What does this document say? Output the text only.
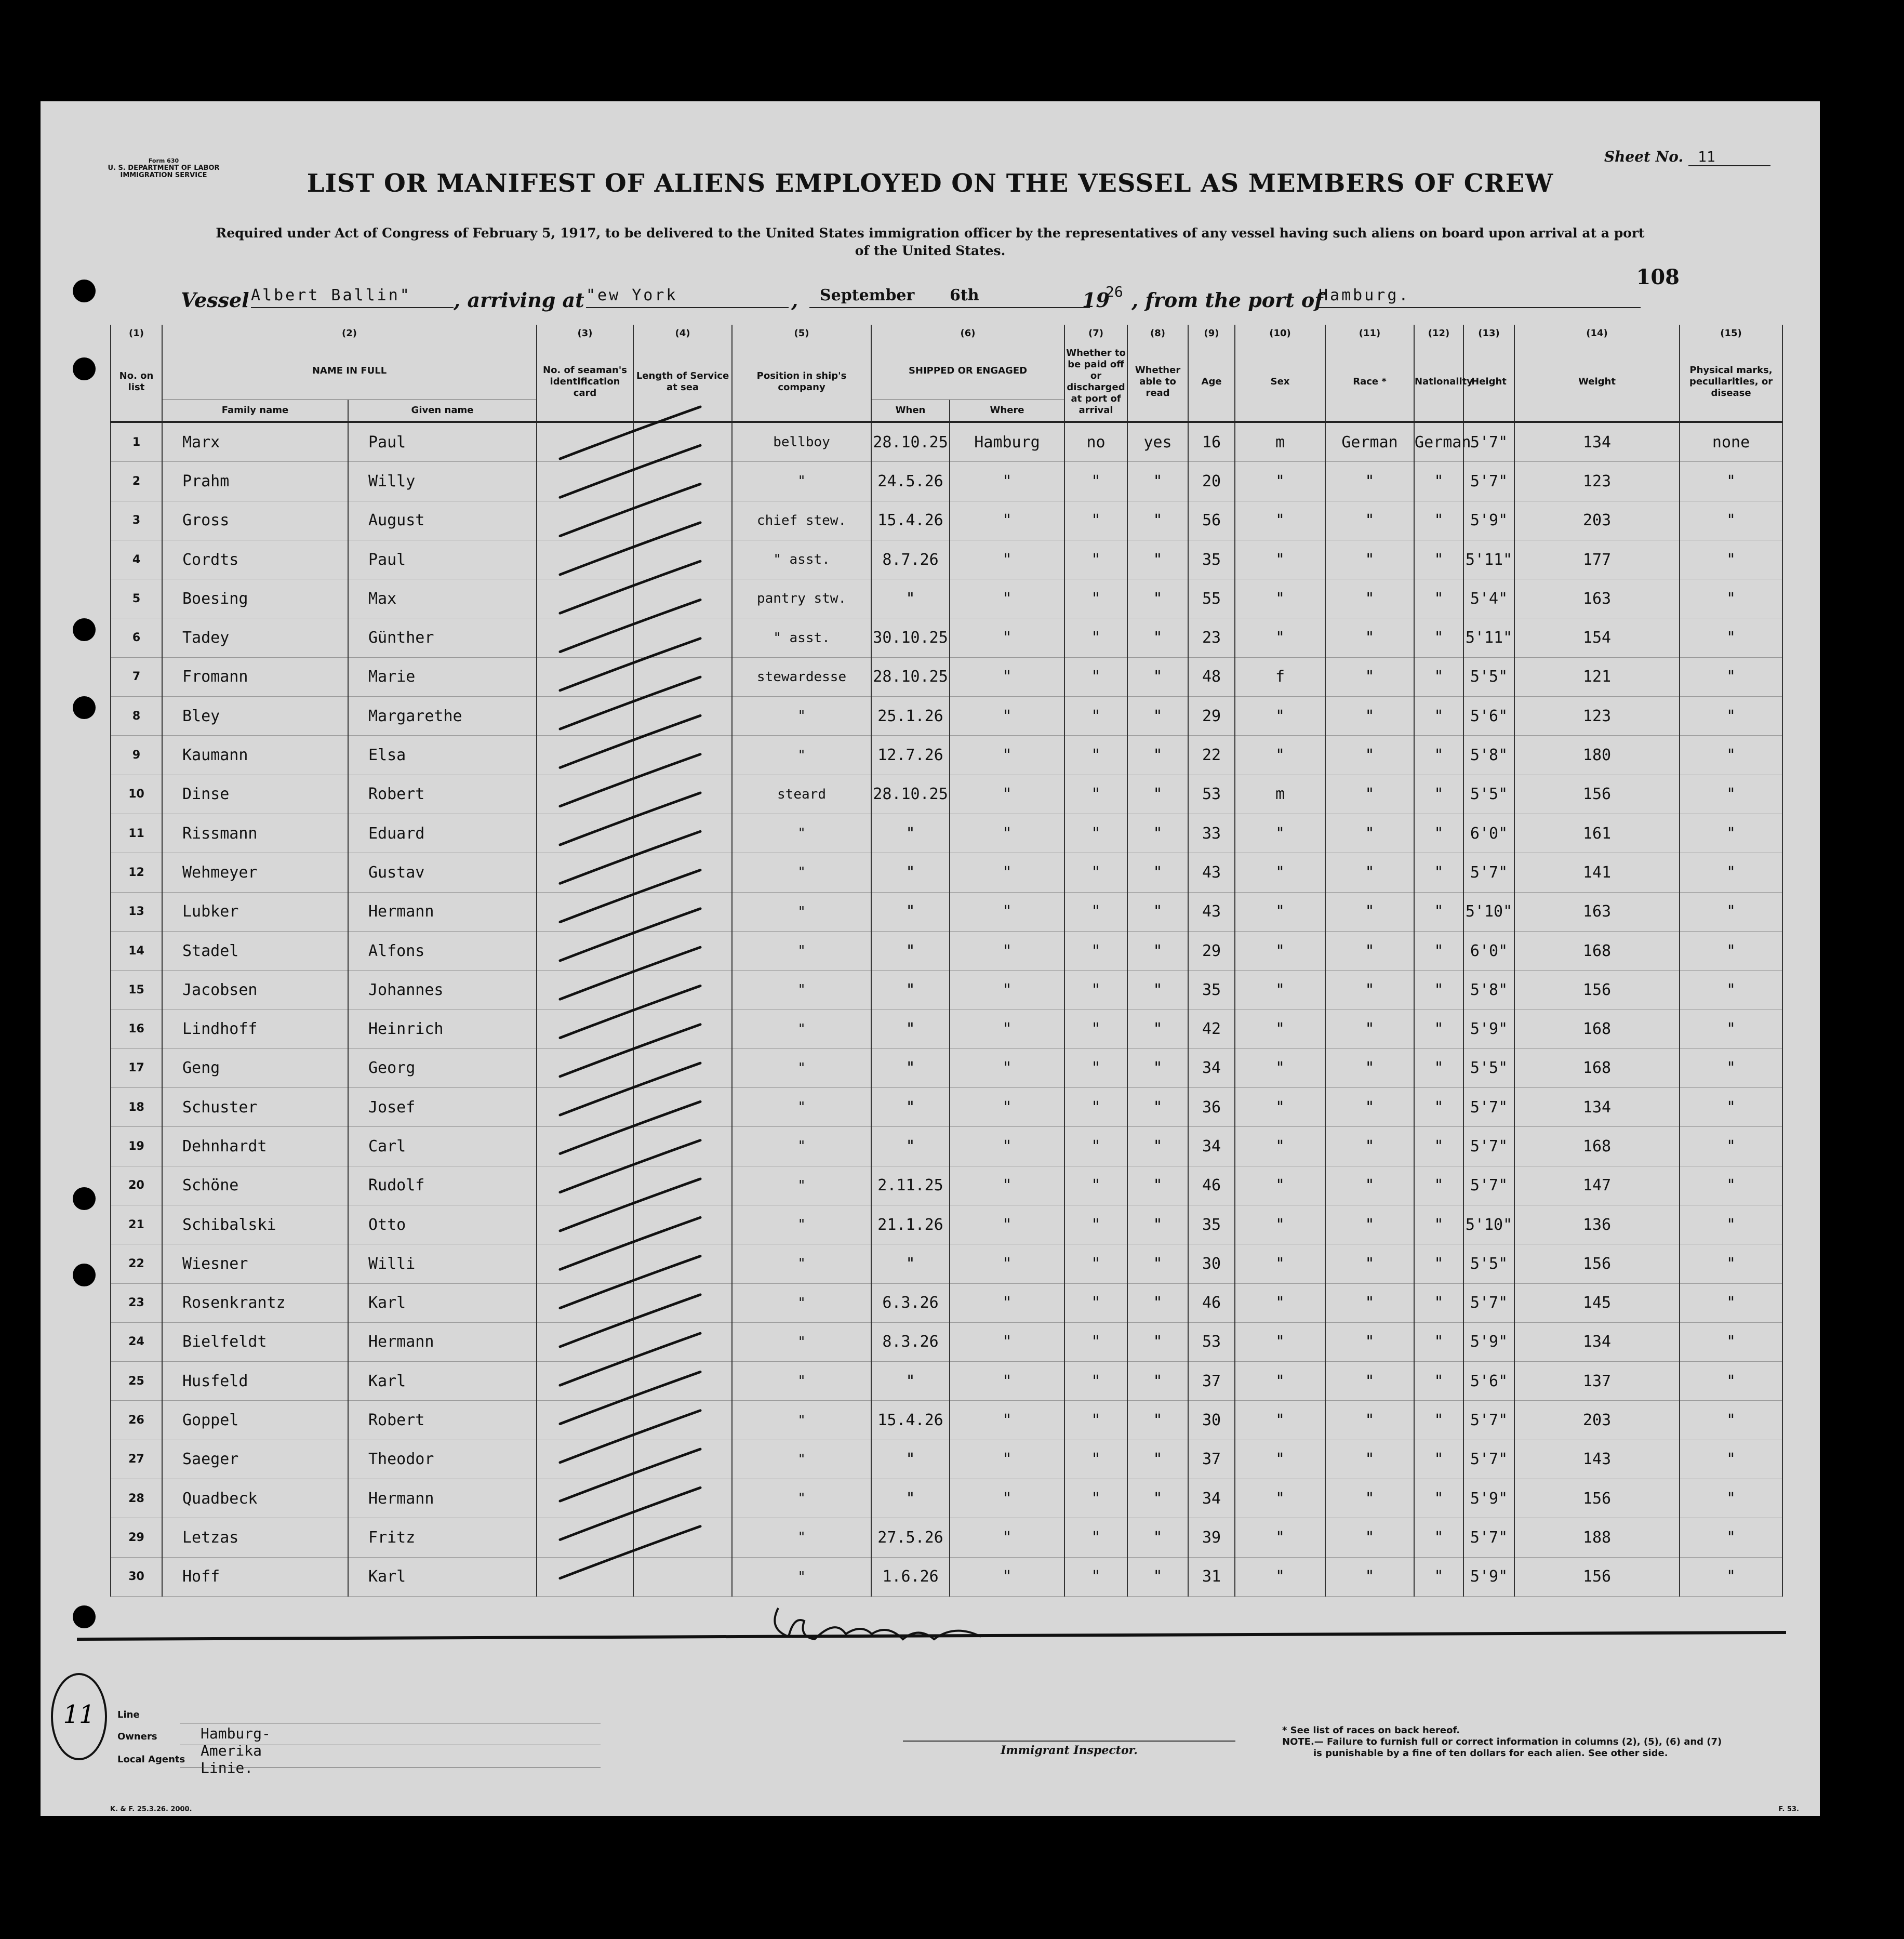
Form 630
U. S. DEPARTMENT OF LABOR
IMMIGRATION SERVICE
Sheet No. 11
LIST OR MANIFEST OF ALIENS EMPLOYED ON THE VESSEL AS MEMBERS OF CREW
Required under Act of Congress of February 5, 1917, to be delivered to the United States immigration officer by the representatives of any vessel having such aliens on board upon arrival at a port of the United States.
108
Vessel Albert Ballin"	, arriving at "ew York	,	September	6th	19
26 , from the port of
Hamburg.
(1)	(2)		(3)	(4)	(5)	(6)		(7)	(8)	(9)	(10)	(11)	(12)	(13)	(14)	(15)
No. on list	NAME IN FULL		No. of seaman's identification card	Length of Service at sea	Position in ship's company	SHIPPED OR ENGAGED		Whether to be paid off or discharged at port of arrival	Whether able to read	Age	Sex	Race *	Nationality	Height	Weight	Physical marks, peculiarities, or disease
	Family name	Given name				When	Where									
1	Marx	Paul			bellboy	28.10.25	Hamburg	no	yes	16	m	German	German	5'7"	134	none
2	Prahm	Willy			"	24.5.26	"	"	"	20	"	"	"	5'7"	123	"
3	Gross	August			chief stew.	15.4.26	"	"	"	56	"	"	"	5'9"	203	"
4	Cordts	Paul			" asst.	8.7.26	"	"	"	35	"	"	"	5'11"	177	"
5	Boesing	Max			pantry stw.	"	"	"	"	55	"	"	"	5'4"	163	"
6	Tadey	Günther			" asst.	30.10.25	"	"	"	23	"	"	"	5'11"	154	"
7	Fromann	Marie			stewardesse	28.10.25	"	"	"	48	f	"	"	5'5"	121	"
8	Bley	Margarethe			"	25.1.26	"	"	"	29	"	"	"	5'6"	123	"
9	Kaumann	Elsa			"	12.7.26	"	"	"	22	"	"	"	5'8"	180	"
10	Dinse	Robert			steard	28.10.25	"	"	"	53	m	"	"	5'5"	156	"
11	Rissmann	Eduard			"	"	"	"	"	33	"	"	"	6'0"	161	"
12	Wehmeyer	Gustav			"	"	"	"	"	43	"	"	"	5'7"	141	"
13	Lubker	Hermann			"	"	"	"	"	43	"	"	"	5'10"	163	"
14	Stadel	Alfons			"	"	"	"	"	29	"	"	"	6'0"	168	"
15	Jacobsen	Johannes			"	"	"	"	"	35	"	"	"	5'8"	156	"
16	Lindhoff	Heinrich			"	"	"	"	"	42	"	"	"	5'9"	168	"
17	Geng	Georg			"	"	"	"	"	34	"	"	"	5'5"	168	"
18	Schuster	Josef			"	"	"	"	"	36	"	"	"	5'7"	134	"
19	Dehnhardt	Carl			"	"	"	"	"	34	"	"	"	5'7"	168	"
20	Schöne	Rudolf			"	2.11.25	"	"	"	46	"	"	"	5'7"	147	"
21	Schibalski	Otto			"	21.1.26	"	"	"	35	"	"	"	5'10"	136	"
22	Wiesner	Willi			"	"	"	"	"	30	"	"	"	5'5"	156	"
23	Rosenkrantz	Karl			"	6.3.26	"	"	"	46	"	"	"	5'7"	145	"
24	Bielfeldt	Hermann			"	8.3.26	"	"	"	53	"	"	"	5'9"	134	"
25	Husfeld	Karl			"	"	"	"	"	37	"	"	"	5'6"	137	"
26	Goppel	Robert			"	15.4.26	"	"	"	30	"	"	"	5'7"	203	"
27	Saeger	Theodor			"	"	"	"	"	37	"	"	"	5'7"	143	"
28	Quadbeck	Hermann			"	"	"	"	"	34	"	"	"	5'9"	156	"
29	Letzas	Fritz			"	27.5.26	"	"	"	39	"	"	"	5'7"	188	"
30	Hoff	Karl			"	1.6.26	"	"	"	31	"	"	"	5'9"	156	"
Line
Owners	Hamburg-Amerika Linie.
Local Agents
11
Immigrant Inspector.
* See list of races on back hereof.
NOTE.— Failure to furnish full or correct information in columns (2), (5), (6) and (7)
is punishable by a fine of ten dollars for each alien. See other side.
K. & F. 25.3.26. 2000.	F. 53.
